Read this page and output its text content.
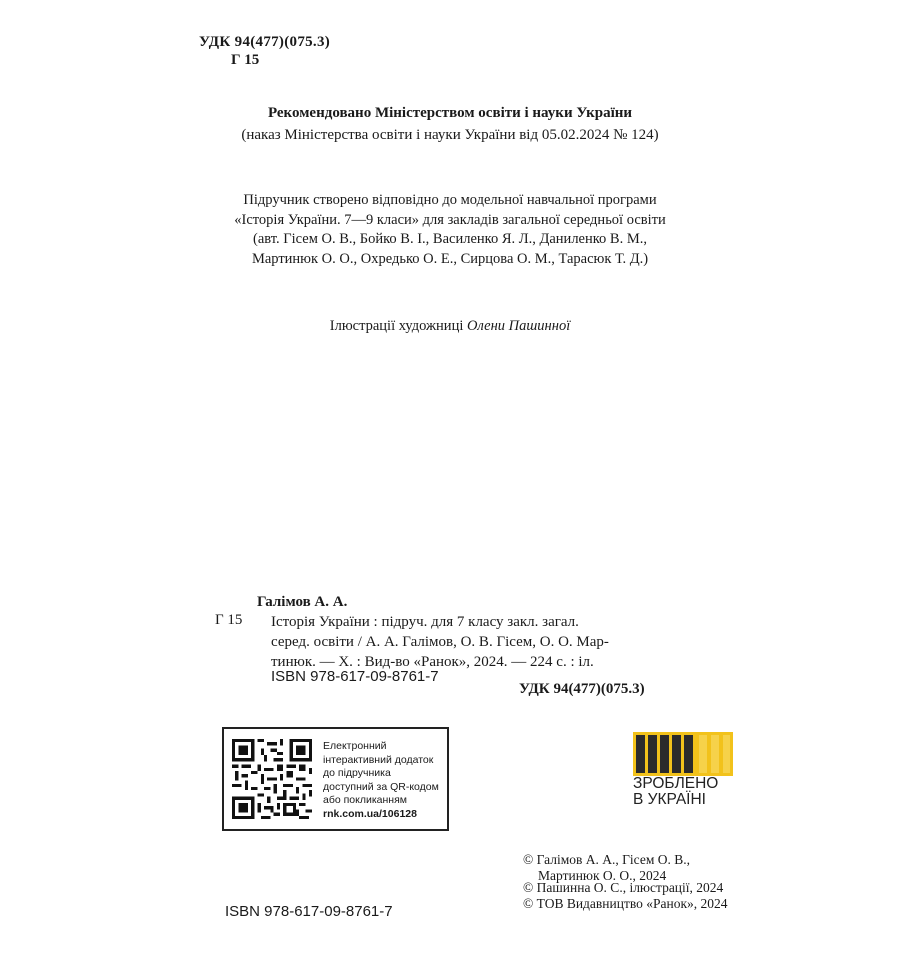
УДК 94(477)(075.3)
Г 15
Рекомендовано Міністерством освіти і науки України
(наказ Міністерства освіти і науки України від 05.02.2024 № 124)
Підручник створено відповідно до модельної навчальної програми
«Історія України. 7—9 класи» для закладів загальної середньої освіти
(авт. Гісем О. В., Бойко В. І., Василенко Я. Л., Даниленко В. М.,
Мартинюк О. О., Охредько О. Е., Сирцова О. М., Тарасюк Т. Д.)
Ілюстрації художниці Олени Пашинної
Галімов А. А.
Г 15 Історія України : підруч. для 7 класу закл. загал.
серед. освіти / А. А. Галімов, О. В. Гісем, О. О. Мар-
тинюк. — Х. : Вид-во «Ранок», 2024. — 224 с. : іл.
ISBN 978-617-09-8761-7
УДК 94(477)(075.3)
Електронний
інтерактивний додаток
до підручника
доступний за QR-кодом
або покликанням
rnk.com.ua/106128
ЗРОБЛЕНО
В УКРАЇНІ
© Галімов А. А., Гісем О. В.,
Мартинюк О. О., 2024
© Пашинна О. С., ілюстрації, 2024
© ТОВ Видавництво «Ранок», 2024
ISBN 978-617-09-8761-7
